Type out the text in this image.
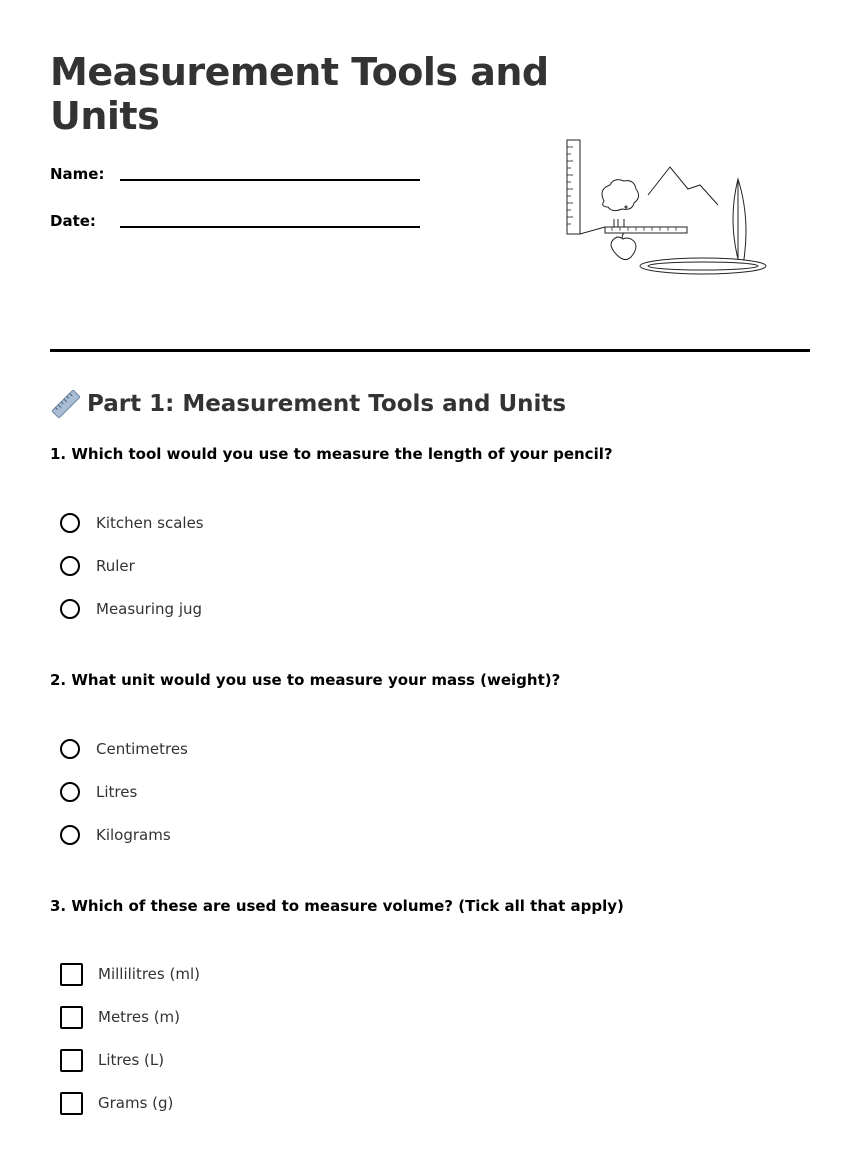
Measurement Tools and Units
Name:
Date:
Part 1: Measurement Tools and Units

1. Which tool would you use to measure the length of your pencil?

Kitchen scales
Ruler
Measuring jug

2. What unit would you use to measure your mass (weight)?

Centimetres
Litres
Kilograms

3. Which of these are used to measure volume? (Tick all that apply)

Millilitres (ml)
Metres (m)
Litres (L)
Grams (g)
